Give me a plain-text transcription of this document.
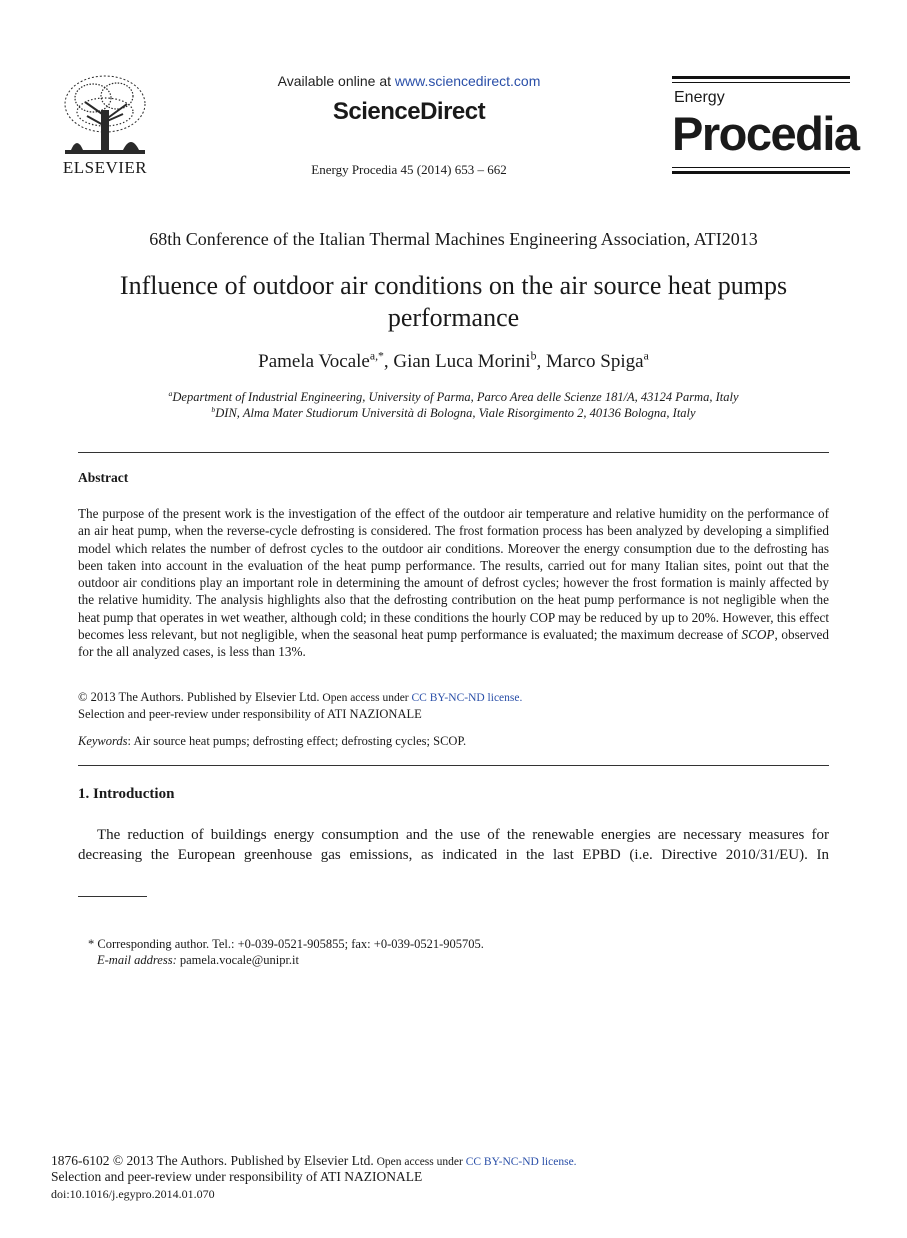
ELSEVIER
Available online at www.sciencedirect.com
ScienceDirect
Energy Procedia 45 (2014) 653 – 662
Energy
Procedia
68th Conference of the Italian Thermal Machines Engineering Association, ATI2013
Influence of outdoor air conditions on the air source heat pumps
performance
Pamela Vocale$^{a,*}$, Gian Luca Morini$^b$, Marco Spiga$^a$
$^a$Department of Industrial Engineering, University of Parma, Parco Area delle Scienze 181/A, 43124 Parma, Italy
$^b$DIN, Alma Mater Studiorum Università di Bologna, Viale Risorgimento 2, 40136 Bologna, Italy
Abstract
The purpose of the present work is the investigation of the effect of the outdoor air temperature and relative humidity on the performance of an air heat pump, when the reverse-cycle defrosting is considered. The frost formation process has been analyzed by developing a simplified model which relates the number of defrost cycles to the outdoor air conditions. Moreover the energy consumption due to the defrosting has been taken into account in the evaluation of the heat pump performance. The results, carried out for many Italian sites, point out that the outdoor air conditions play an important role in determining the amount of defrost cycles; however the frost formation is mainly affected by the relative humidity. The analysis highlights also that the defrosting contribution on the heat pump performance is not negligible when the heat pump that operates in wet weather, although cold; in these conditions the hourly COP may be reduced by up to 20%. However, this effect becomes less relevant, but not negligible, when the seasonal heat pump performance is evaluated; the maximum decrease of SCOP, observed for the all analyzed cases, is less than 13%.
© 2013 The Authors. Published by Elsevier Ltd. Open access under CC BY-NC-ND license.
Selection and peer-review under responsibility of ATI NAZIONALE
Keywords: Air source heat pumps; defrosting effect; defrosting cycles; SCOP.
1. Introduction
The reduction of buildings energy consumption and the use of the renewable energies are necessary measures for decreasing the European greenhouse gas emissions, as indicated in the last EPBD (i.e. Directive 2010/31/EU). In
* Corresponding author. Tel.: +0-039-0521-905855; fax: +0-039-0521-905705.
E-mail address: pamela.vocale@unipr.it
1876-6102 © 2013 The Authors. Published by Elsevier Ltd. Open access under CC BY-NC-ND license.
Selection and peer-review under responsibility of ATI NAZIONALE
doi:10.1016/j.egypro.2014.01.070
